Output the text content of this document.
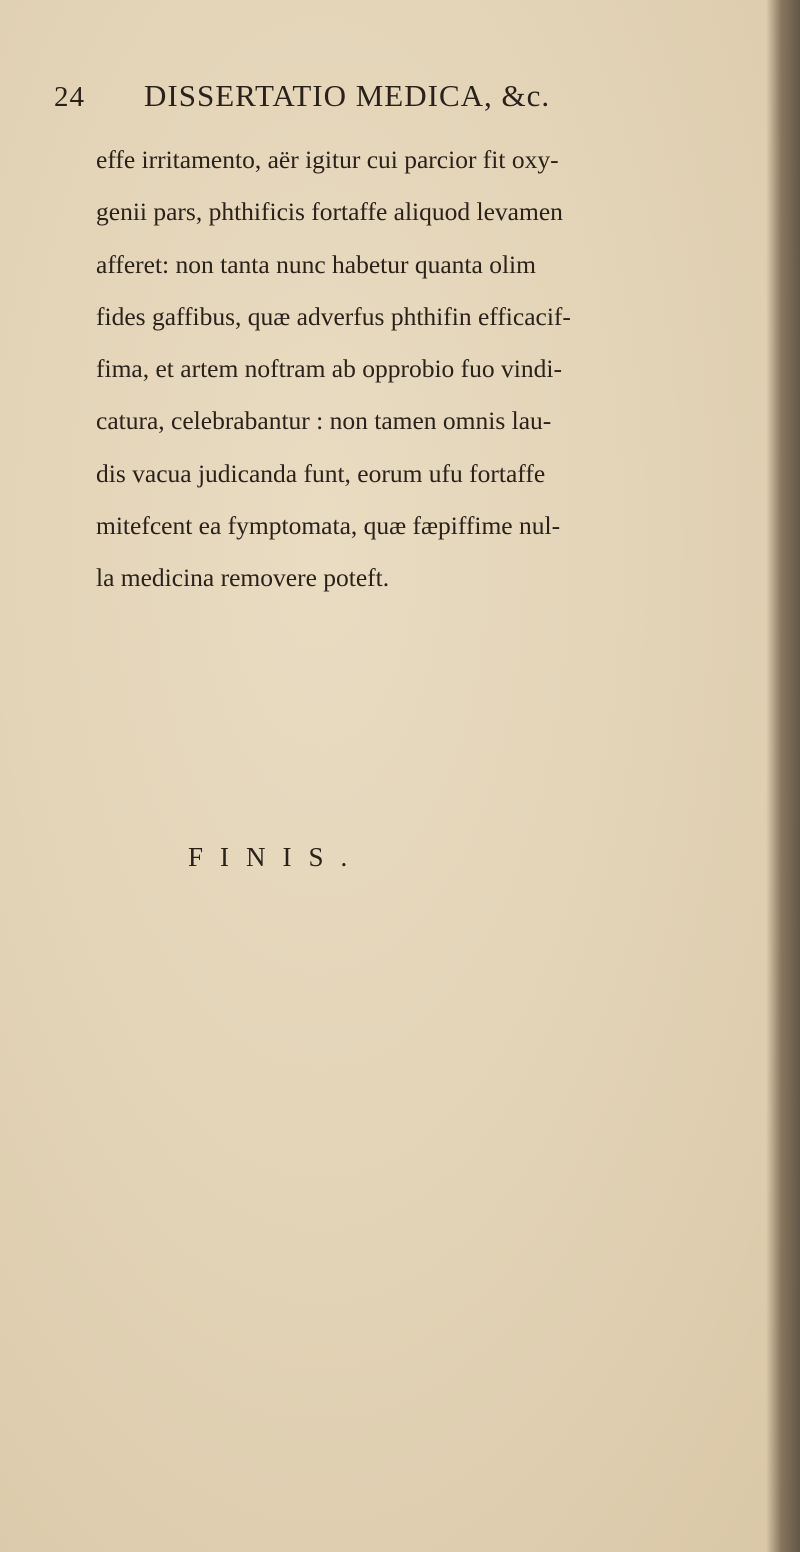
24	DISSERTATIO MEDICA, &c.
effe irritamento, aër igitur cui parcior fit oxy-
genii pars, phthificis fortaffe aliquod levamen
afferet: non tanta nunc habetur quanta olim
fides gaffibus, quæ adverfus phthifin efficacif-
fima, et artem noftram ab opprobio fuo vindi-
catura, celebrabantur : non tamen omnis lau-
dis vacua judicanda funt, eorum ufu fortaffe
mitefcent ea fymptomata, quæ fæpiffime nul-
la medicina removere poteft.
FINIS.
